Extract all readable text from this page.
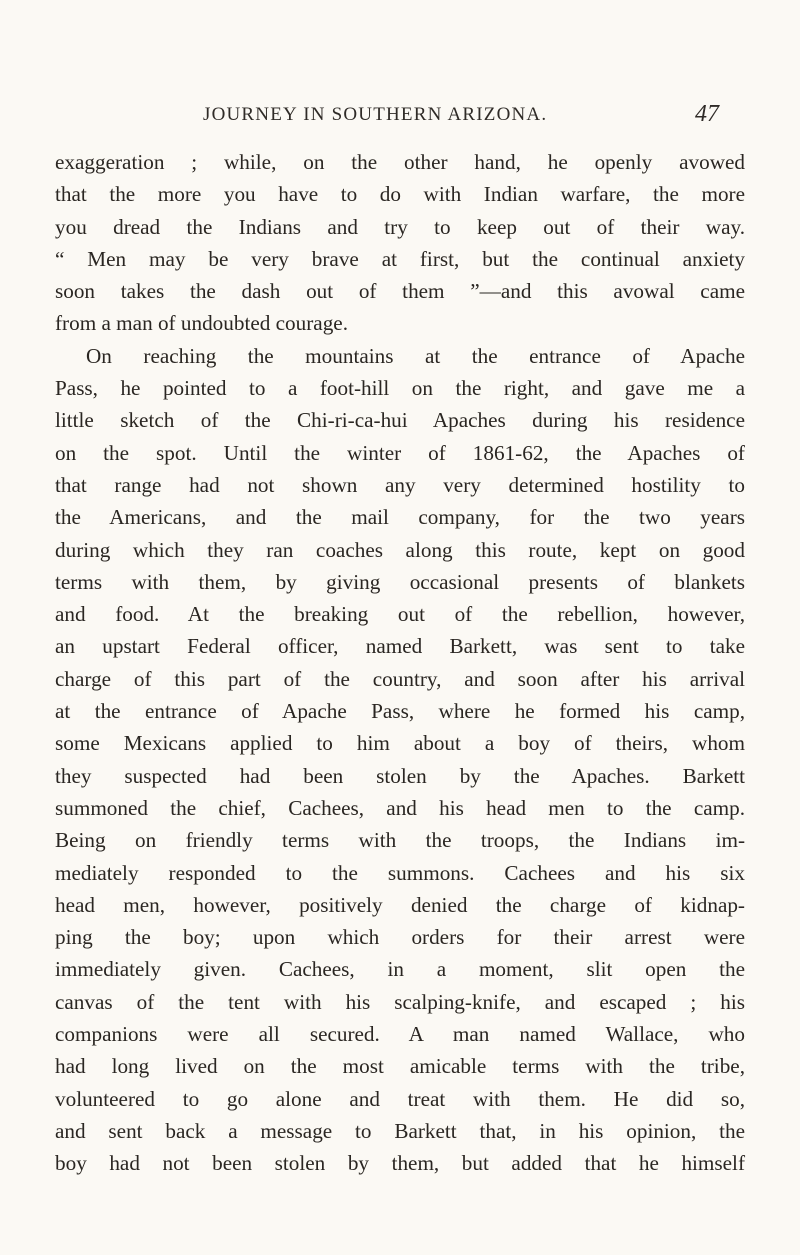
JOURNEY IN SOUTHERN ARIZONA.	47
exaggeration ; while, on the other hand, he openly avowed
that the more you have to do with Indian warfare, the more
you dread the Indians and try to keep out of their way.
“ Men may be very brave at first, but the continual anxiety
soon takes the dash out of them ”—and this avowal came
from a man of undoubted courage.
On reaching the mountains at the entrance of Apache
Pass, he pointed to a foot-hill on the right, and gave me a
little sketch of the Chi-ri-ca-hui Apaches during his residence
on the spot. Until the winter of 1861-62, the Apaches of
that range had not shown any very determined hostility to
the Americans, and the mail company, for the two years
during which they ran coaches along this route, kept on good
terms with them, by giving occasional presents of blankets
and food. At the breaking out of the rebellion, however,
an upstart Federal officer, named Barkett, was sent to take
charge of this part of the country, and soon after his arrival
at the entrance of Apache Pass, where he formed his camp,
some Mexicans applied to him about a boy of theirs, whom
they suspected had been stolen by the Apaches. Barkett
summoned the chief, Cachees, and his head men to the camp.
Being on friendly terms with the troops, the Indians im-
mediately responded to the summons. Cachees and his six
head men, however, positively denied the charge of kidnap-
ping the boy; upon which orders for their arrest were
immediately given. Cachees, in a moment, slit open the
canvas of the tent with his scalping-knife, and escaped ; his
companions were all secured. A man named Wallace, who
had long lived on the most amicable terms with the tribe,
volunteered to go alone and treat with them. He did so,
and sent back a message to Barkett that, in his opinion, the
boy had not been stolen by them, but added that he himself
